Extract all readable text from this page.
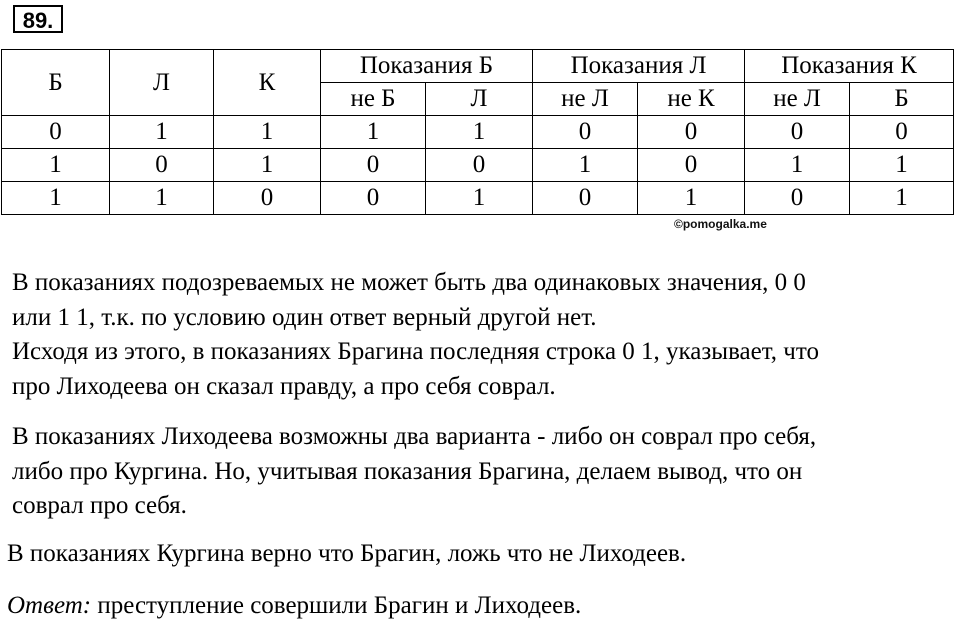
89.
Б	Л	К	Показания Б		Показания Л		Показания К	
			не Б	Л	не Л	не К	не Л	Б
0	1	1	1	1	0	0	0	0
1	0	1	0	0	1	0	1	1
1	1	0	0	1	0	1	0	1
©pomogalka.me

В показаниях подозреваемых не может быть два одинаковых значения, 0 0
или 1 1, т.к. по условию один ответ верный другой нет.
Исходя из этого, в показаниях Брагина последняя строка 0 1, указывает, что
про Лиходеева он сказал правду, а про себя соврал.

В показаниях Лиходеева возможны два варианта - либо он соврал про себя,
либо про Кургина. Но, учитывая показания Брагина, делаем вывод, что он
соврал про себя.

В показаниях Кургина верно что Брагин, ложь что не Лиходеев.

Ответ: преступление совершили Брагин и Лиходеев.
